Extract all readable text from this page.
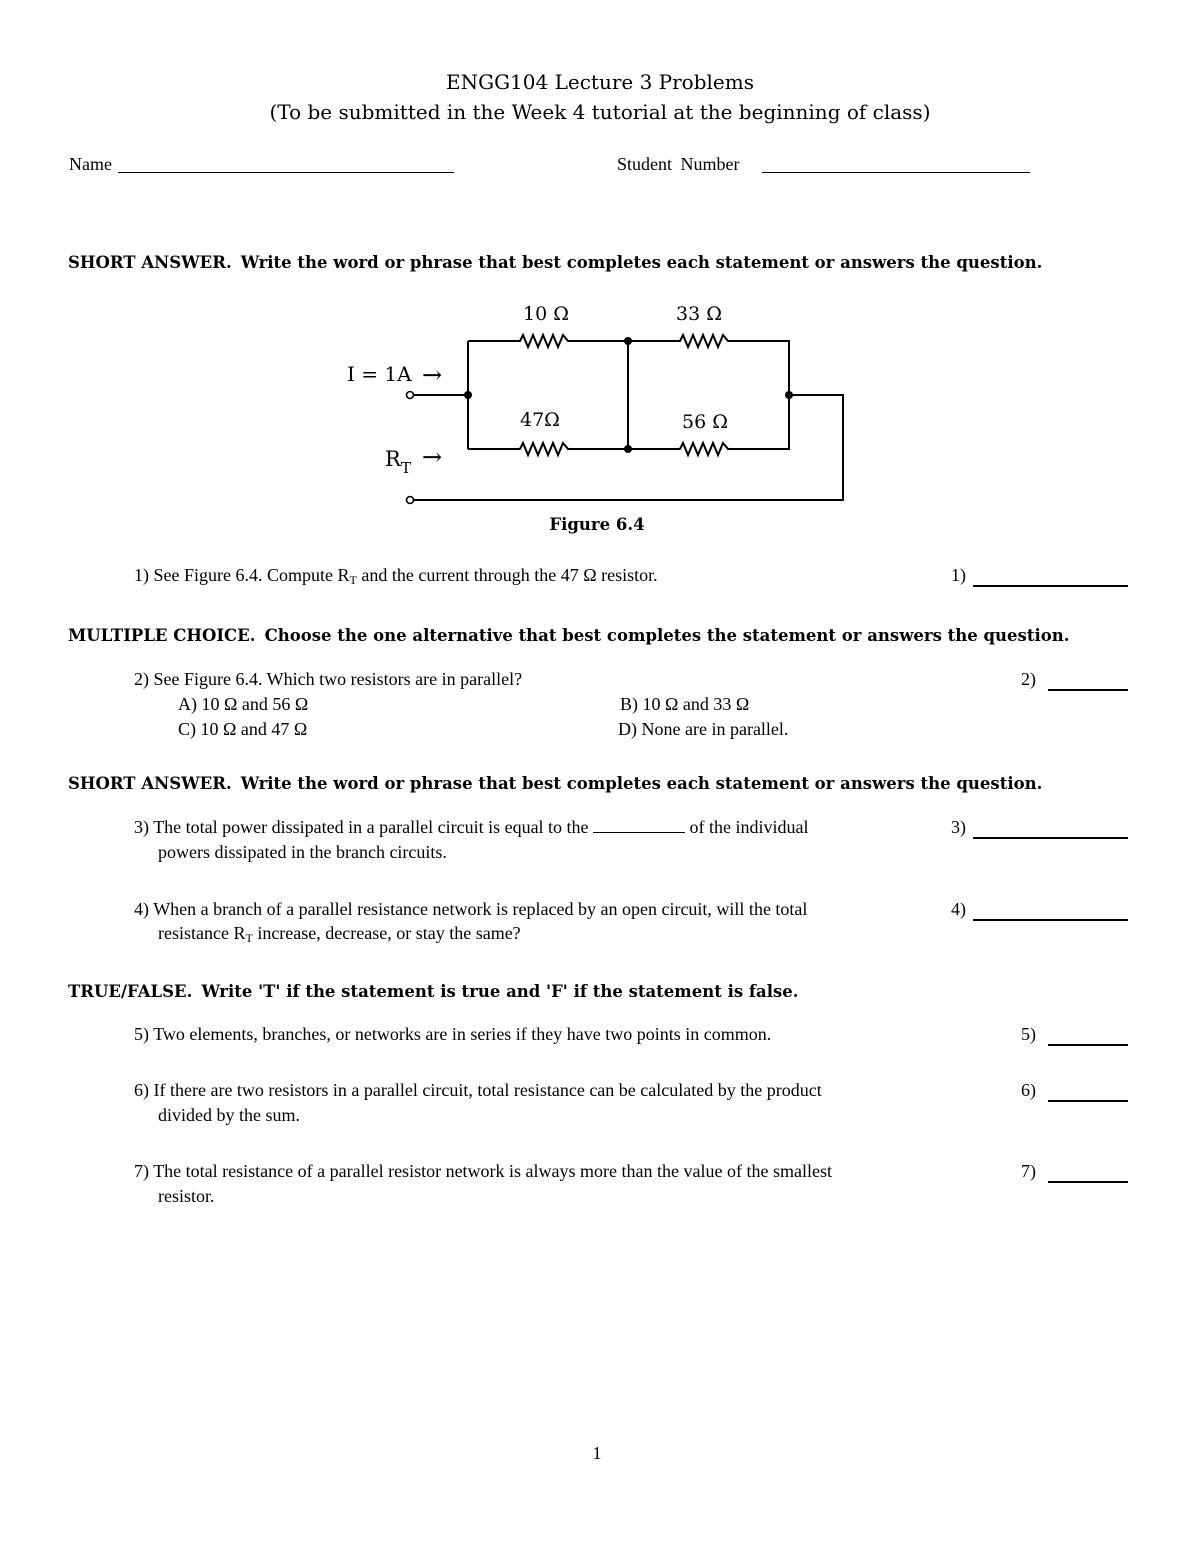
ENGG104 Lecture 3 Problems
(To be submitted in the Week 4 tutorial at the beginning of class)
Name	Student Number
SHORT ANSWER. Write the word or phrase that best completes each statement or answers the question.
10 Ω	33 Ω
47Ω	56 Ω
I = 1A →
R T →
Figure 6.4
1) See Figure 6.4. Compute $R_T$ and the current through the 47 Ω resistor.	1)
MULTIPLE CHOICE. Choose the one alternative that best completes the statement or answers the question.
2) See Figure 6.4. Which two resistors are in parallel?	2)
A) 10 Ω and 56 Ω	B) 10 Ω and 33 Ω
C) 10 Ω and 47 Ω	D) None are in parallel.
SHORT ANSWER. Write the word or phrase that best completes each statement or answers the question.
3) The total power dissipated in a parallel circuit is equal to the	of the individual
powers dissipated in the branch circuits.
3)
4) When a branch of a parallel resistance network is replaced by an open circuit, will the total
resistance $R_T$ increase, decrease, or stay the same?
4)
TRUE/FALSE. Write 'T' if the statement is true and 'F' if the statement is false.
5) Two elements, branches, or networks are in series if they have two points in common.	5)
6) If there are two resistors in a parallel circuit, total resistance can be calculated by the product
divided by the sum.
6)
7) The total resistance of a parallel resistor network is always more than the value of the smallest
resistor.
7)
1
